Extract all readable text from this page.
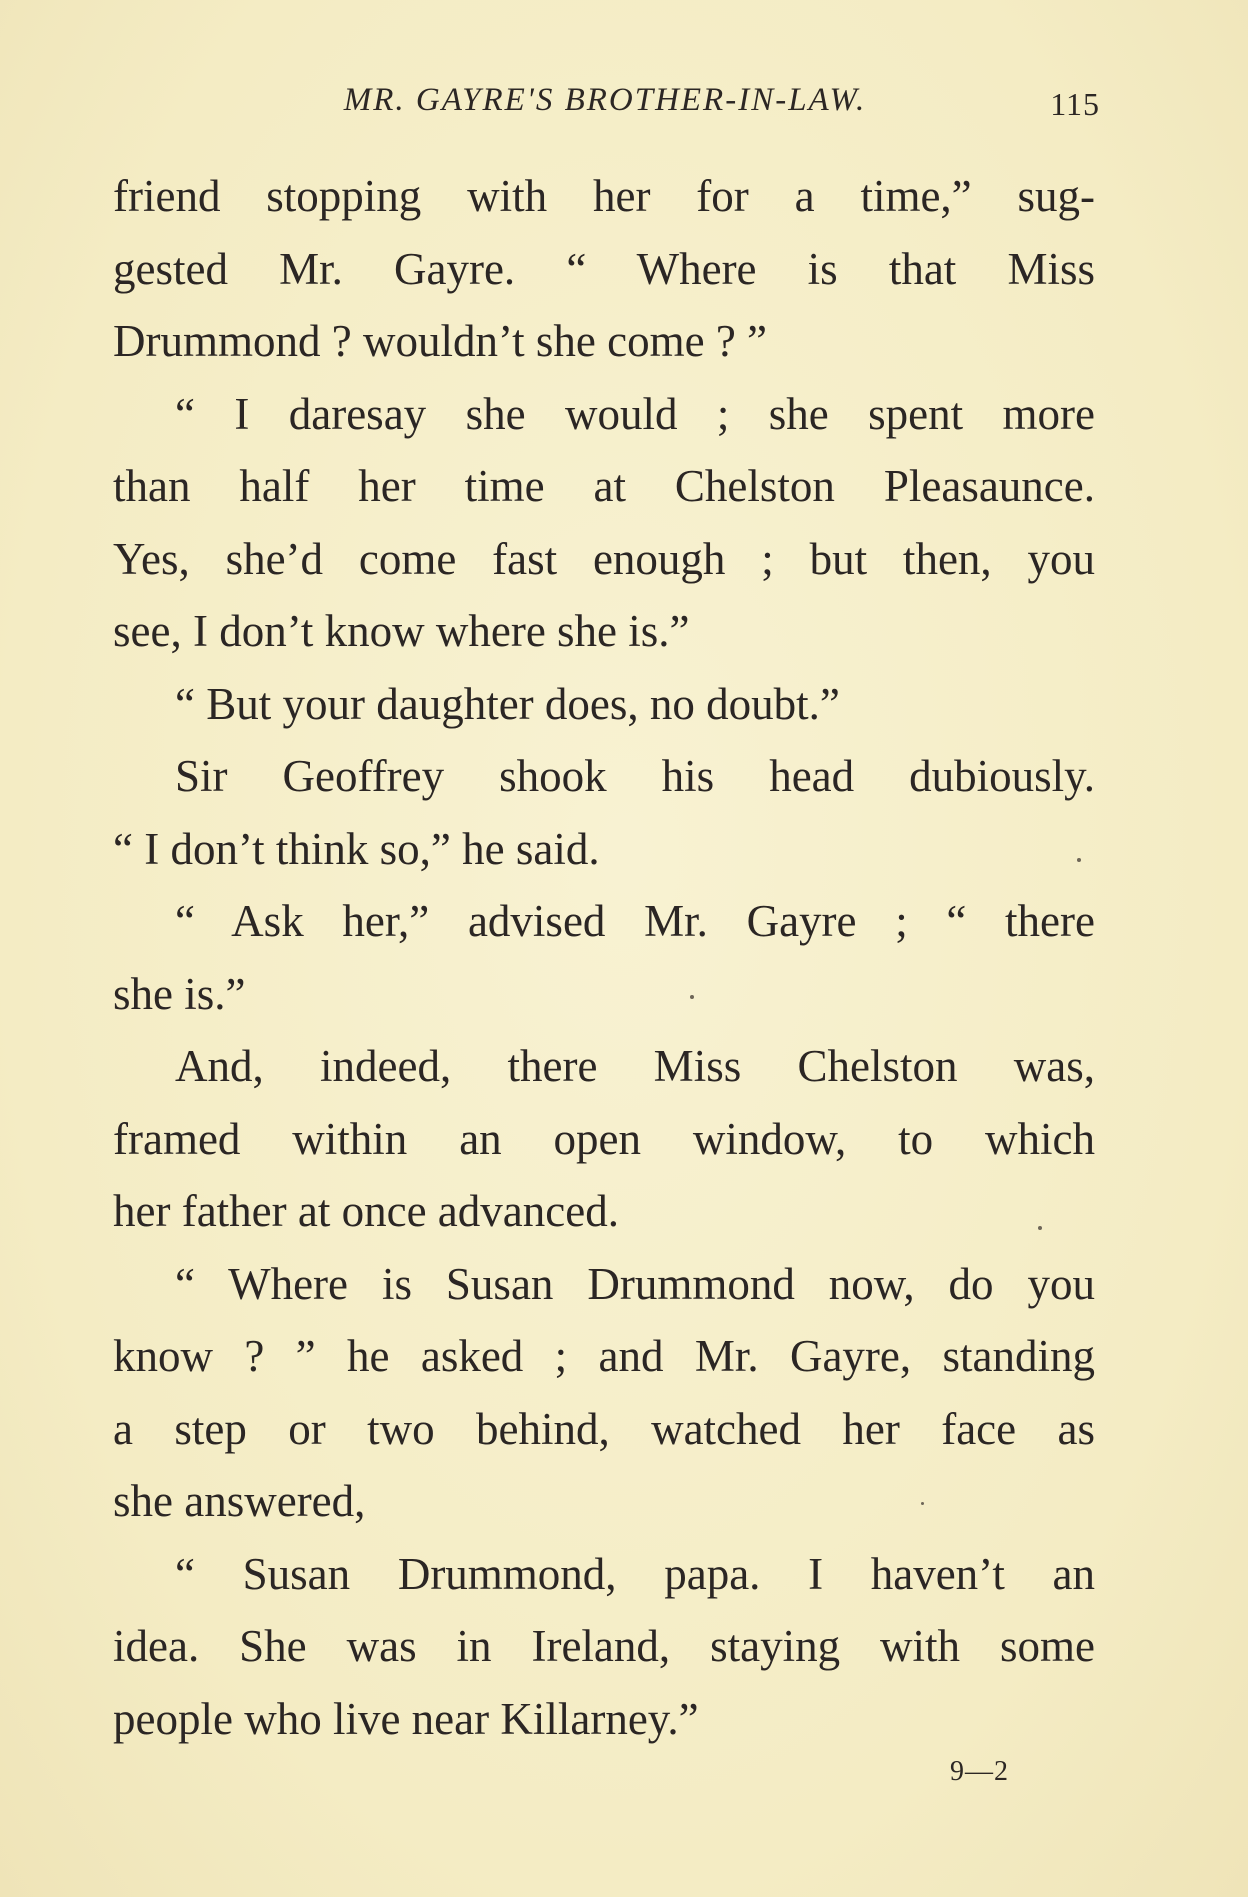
MR. GAYRE'S BROTHER-IN-LAW.	115
friend stopping with her for a time,” sug-
gested Mr. Gayre. “ Where is that Miss
Drummond ? wouldn’t she come ? ”
“ I daresay she would ; she spent more
than half her time at Chelston Pleasaunce.
Yes, she’d come fast enough ; but then, you
see, I don’t know where she is.”
“ But your daughter does, no doubt.”
Sir Geoffrey shook his head dubiously.
“ I don’t think so,” he said.
“ Ask her,” advised Mr. Gayre ; “ there
she is.”
And, indeed, there Miss Chelston was,
framed within an open window, to which
her father at once advanced.
“ Where is Susan Drummond now, do you
know ? ” he asked ; and Mr. Gayre, standing
a step or two behind, watched her face as
she answered,
“ Susan Drummond, papa. I haven’t an
idea. She was in Ireland, staying with some
people who live near Killarney.”
9—2
